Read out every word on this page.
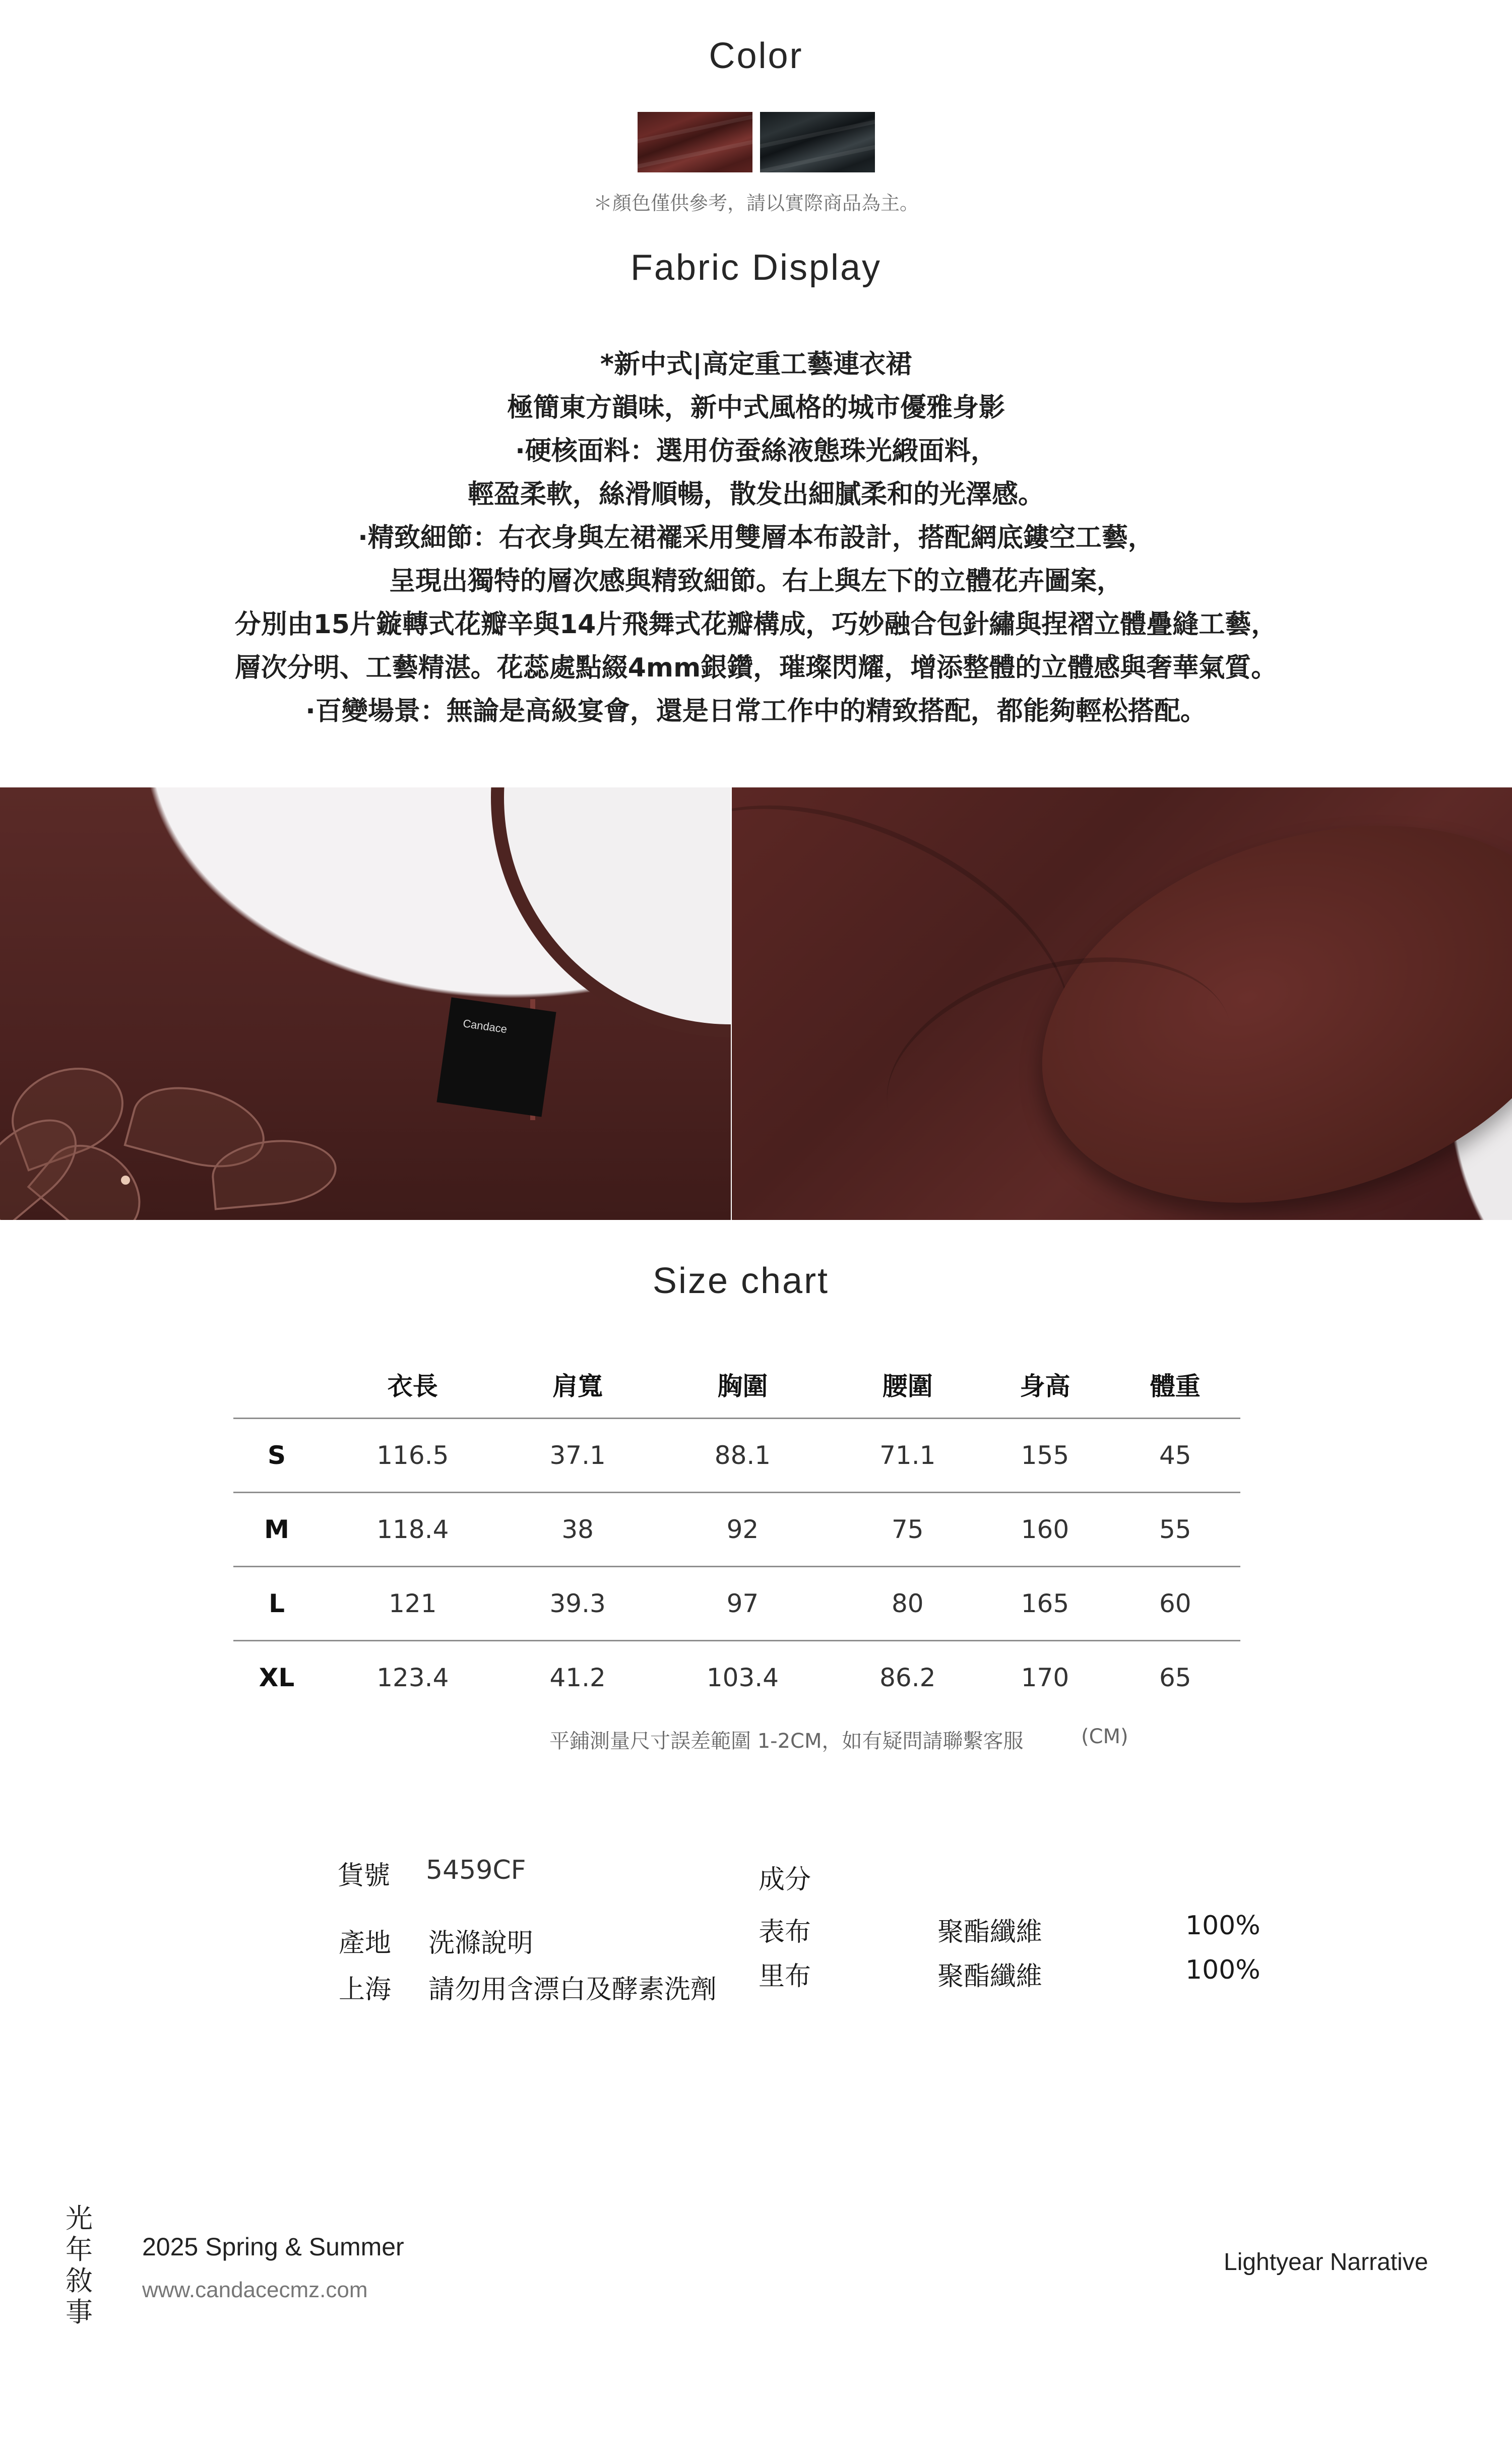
Color
＊顏色僅供參考，請以實際商品為主。
Fabric Display
*新中式|高定重工藝連衣裙
極簡東方韻味，新中式風格的城市優雅身影
·硬核面料：選用仿蚕絲液態珠光緞面料，
輕盈柔軟，絲滑順暢，散发出細膩柔和的光澤感。
·精致細節：右衣身與左裙襬采用雙層本布設計，搭配網底鏤空工藝，
呈現出獨特的層次感與精致細節。右上與左下的立體花卉圖案，
分別由15片鏇轉式花瓣辛與14片飛舞式花瓣構成，巧妙融合包針繡與捏褶立體疊縫工藝，
層次分明、工藝精湛。花蕊處點綴4mm銀鑽，璀璨閃耀，增添整體的立體感與奢華氣質。
·百變場景：無論是高級宴會，還是日常工作中的精致搭配，都能夠輕松搭配。
Candace
Size chart
	衣長	肩寬	胸圍	腰圍	身高	體重
S	116.5	37.1	88.1	71.1	155	45
M	118.4	38	92	75	160	55
L	121	39.3	97	80	165	60
XL	123.4	41.2	103.4	86.2	170	65
平鋪測量尺寸誤差範圍 1-2CM，如有疑問請聯繫客服	(CM)
貨號 5459CF
產地 洗滌說明
上海 請勿用含漂白及酵素洗劑
成分
表布	聚酯纖維	100%
里布	聚酯纖維	100%
光
年
敘
事
2025 Spring & Summer
www.candacecmz.com
Lightyear Narrative
